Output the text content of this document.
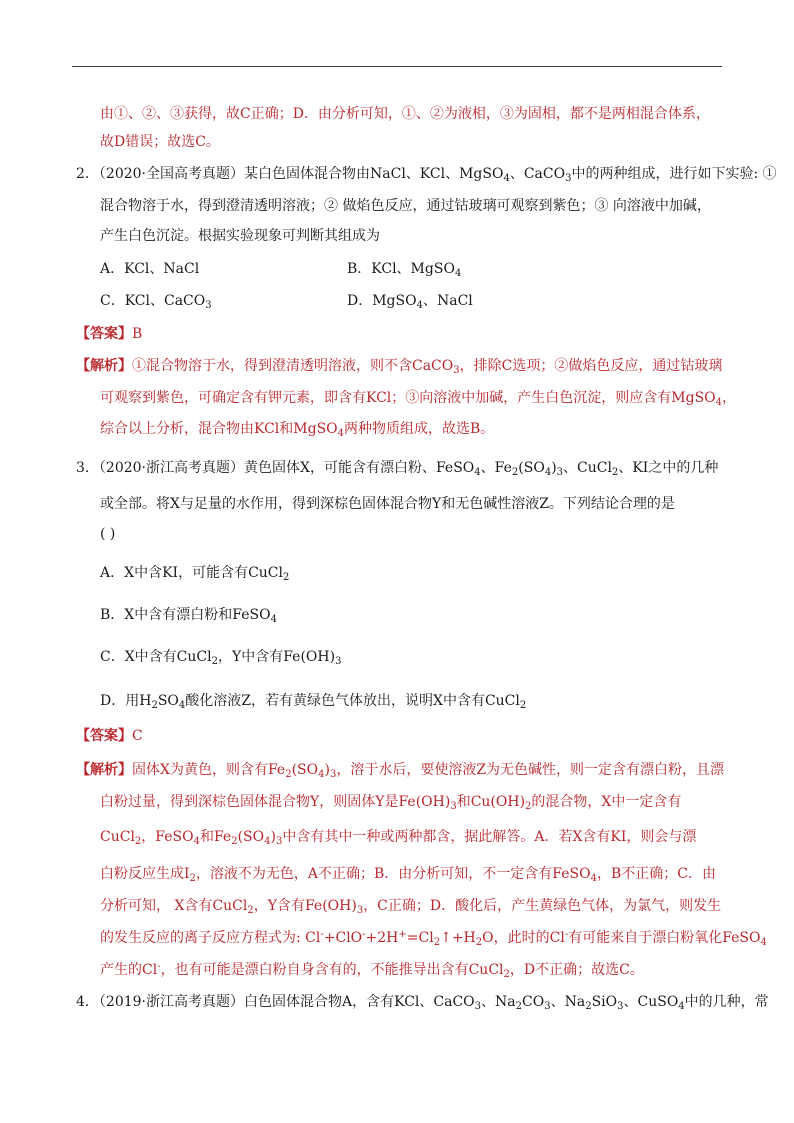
由①、②、③获得，故C正确；D．由分析可知，①、②为液相，③为固相，都不是两相混合体系，
故D错误；故选C。
2．（2020·全国高考真题）某白色固体混合物由NaCl、KCl、MgSO$_4$、CaCO$_3$中的两种组成，进行如下实验: ①
混合物溶于水，得到澄清透明溶液；② 做焰色反应，通过钴玻璃可观察到紫色；③ 向溶液中加碱，
产生白色沉淀。根据实验现象可判断其组成为
A．KCl、NaCl	B．KCl、MgSO$_4$
C．KCl、CaCO$_3$	D．MgSO$_4$、NaCl
【答案】B
【解析】①混合物溶于水，得到澄清透明溶液，则不含CaCO$_3$，排除C选项；②做焰色反应，通过钴玻璃
可观察到紫色，可确定含有钾元素，即含有KCl；③向溶液中加碱，产生白色沉淀，则应含有MgSO$_4$，
综合以上分析，混合物由KCl和MgSO$_4$两种物质组成，故选B。
3．（2020·浙江高考真题）黄色固体X，可能含有漂白粉、FeSO$_4$、$Fe_2(SO_4)_3$、CuCl$_2$、KI之中的几种
或全部。将X与足量的水作用，得到深棕色固体混合物Y和无色碱性溶液Z。下列结论合理的是
( )
A．X中含KI，可能含有CuCl$_2$
B．X中含有漂白粉和FeSO$_4$
C．X中含有CuCl$_2$，Y中含有$Fe(OH)_3$
D．用$H_2SO_4$酸化溶液Z，若有黄绿色气体放出，说明X中含有CuCl$_2$
【答案】C
【解析】固体X为黄色，则含有$Fe_2(SO_4)_3$，溶于水后，要使溶液Z为无色碱性，则一定含有漂白粉，且漂
白粉过量，得到深棕色固体混合物Y，则固体Y是$Fe(OH)_3$和$Cu(OH)_2$的混合物，X中一定含有
CuCl$_2$，FeSO$_4$和$Fe_2(SO_4)_3$中含有其中一种或两种都含，据此解答。A．若X含有KI，则会与漂
白粉反应生成$I_2$，溶液不为无色，A不正确；B．由分析可知，不一定含有FeSO$_4$，B不正确；C．由
分析可知， X含有CuCl$_2$，Y含有$Fe(OH)_3$，C正确；D．酸化后，产生黄绿色气体，为氯气，则发生
的发生反应的离子反应方程式为: $Cl^-+ClO^-+2H^+=Cl_2↑+H_2O$，此时的Cl-有可能来自于漂白粉氧化FeSO$_4$
产生的Cl-，也有可能是漂白粉自身含有的，不能推导出含有CuCl$_2$，D不正确；故选C。
4．（2019·浙江高考真题）白色固体混合物A，含有KCl、CaCO$_3$、$Na_2CO_3$、$Na_2SiO_3$、CuSO$_4$中的几种，常
